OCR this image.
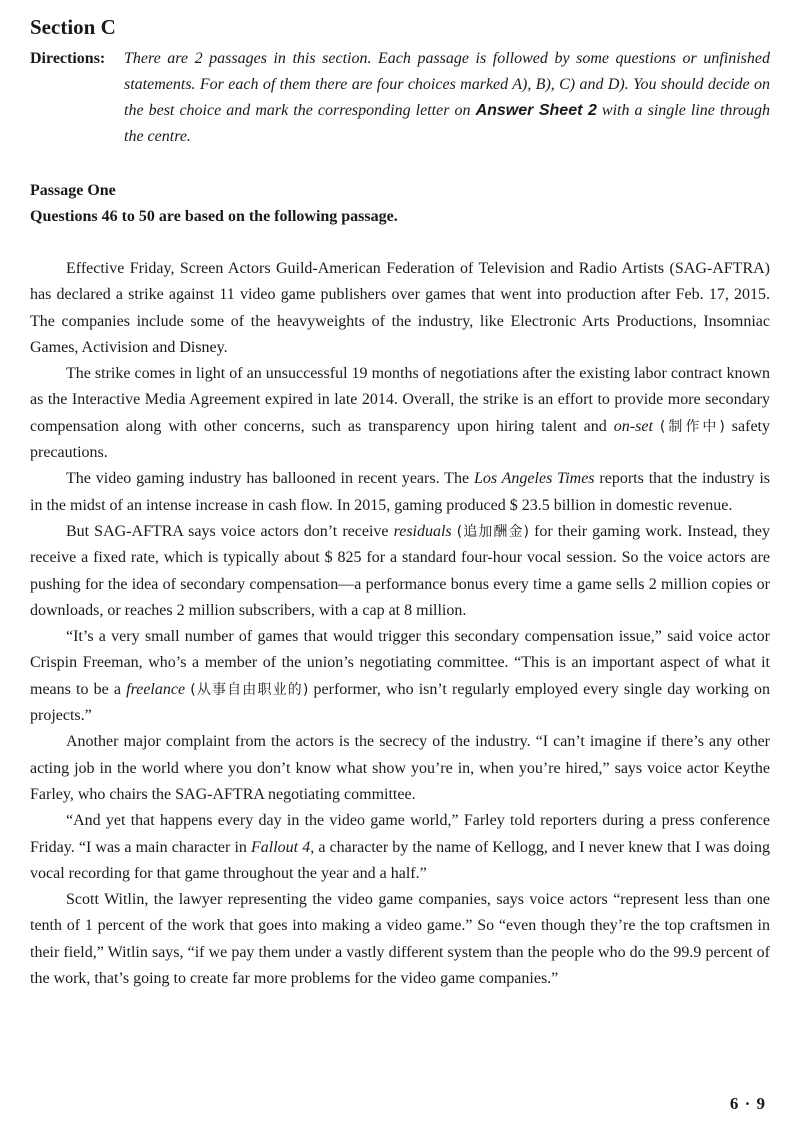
Section C
Directions:	There are 2 passages in this section. Each passage is followed by some questions or unfinished statements. For each of them there are four choices marked A), B), C) and D). You should decide on the best choice and mark the corresponding letter on Answer Sheet 2 with a single line through the centre.
Passage One
Questions 46 to 50 are based on the following passage.

Effective Friday, Screen Actors Guild-American Federation of Television and Radio Artists (SAG-AFTRA) has declared a strike against 11 video game publishers over games that went into production after Feb. 17, 2015. The companies include some of the heavyweights of the industry, like Electronic Arts Productions, Insomniac Games, Activision and Disney.

The strike comes in light of an unsuccessful 19 months of negotiations after the existing labor contract known as the Interactive Media Agreement expired in late 2014. Overall, the strike is an effort to provide more secondary compensation along with other concerns, such as transparency upon hiring talent and on-set (制作中) safety precautions.

The video gaming industry has ballooned in recent years. The Los Angeles Times reports that the industry is in the midst of an intense increase in cash flow. In 2015, gaming produced $ 23.5 billion in domestic revenue.

But SAG-AFTRA says voice actors don’t receive residuals (追加酬金) for their gaming work. Instead, they receive a fixed rate, which is typically about $ 825 for a standard four-hour vocal session. So the voice actors are pushing for the idea of secondary compensation—a performance bonus every time a game sells 2 million copies or downloads, or reaches 2 million subscribers, with a cap at 8 million.

“It’s a very small number of games that would trigger this secondary compensation issue,” said voice actor Crispin Freeman, who’s a member of the union’s negotiating committee. “This is an important aspect of what it means to be a freelance (从事自由职业的) performer, who isn’t regularly employed every single day working on projects.”

Another major complaint from the actors is the secrecy of the industry. “I can’t imagine if there’s any other acting job in the world where you don’t know what show you’re in, when you’re hired,” says voice actor Keythe Farley, who chairs the SAG-AFTRA negotiating committee.

“And yet that happens every day in the video game world,” Farley told reporters during a press conference Friday. “I was a main character in Fallout 4, a character by the name of Kellogg, and I never knew that I was doing vocal recording for that game throughout the year and a half.”

Scott Witlin, the lawyer representing the video game companies, says voice actors “represent less than one tenth of 1 percent of the work that goes into making a video game.” So “even though they’re the top craftsmen in their field,” Witlin says, “if we pay them under a vastly different system than the people who do the 99.9 percent of the work, that’s going to create far more problems for the video game companies.”

6 · 9
